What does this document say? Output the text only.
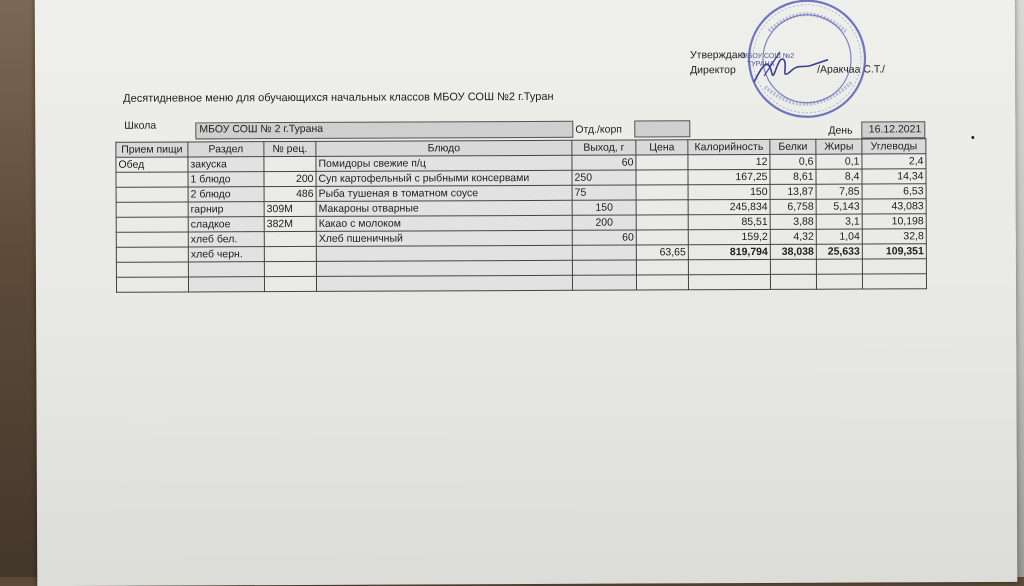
Утверждаю
Директор
МБОУ СОШ №2
ТУРАНА	/Аракчаа С.Т./
Десятидневное меню для обучающихся начальных классов МБОУ СОШ №2 г.Туран
Школа	МБОУ СОШ № 2 г.Турана	Отд./корп	День 16.12.2021
Прием пищи	Раздел	№ рец.	Блюдо	Выход, г	Цена	Калорийность	Белки	Жиры	Углеводы
Обед	закуска		Помидоры свежие п/ц	60		12	0,6	0,1	2,4
	1 блюдо	200	Суп картофельный с рыбными консервами	250		167,25	8,61	8,4	14,34
	2 блюдо	486	Рыба тушеная в томатном соусе	75		150	13,87	7,85	6,53
	гарнир	309М	Макароны отварные	150		245,834	6,758	5,143	43,083
	сладкое	382М	Какао с молоком	200		85,51	3,88	3,1	10,198
	хлеб бел.		Хлеб пшеничный	60		159,2	4,32	1,04	32,8
	хлеб черн.				63,65	819,794	38,038	25,633	109,351
